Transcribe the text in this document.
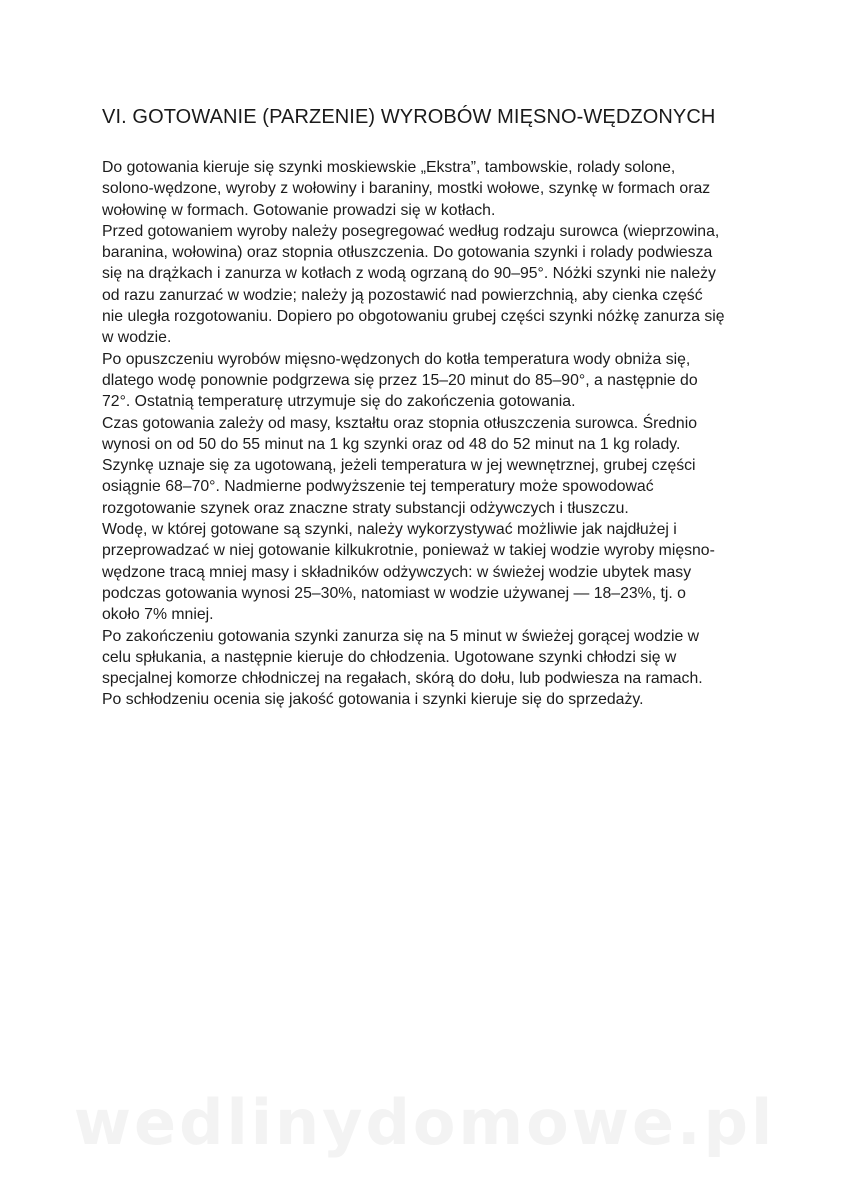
VI. GOTOWANIE (PARZENIE) WYROBÓW MIĘSNO-WĘDZONYCH
Do gotowania kieruje się szynki moskiewskie „Ekstra”, tambowskie, rolady solone,
solono-wędzone, wyroby z wołowiny i baraniny, mostki wołowe, szynkę w formach oraz
wołowinę w formach. Gotowanie prowadzi się w kotłach.
Przed gotowaniem wyroby należy posegregować według rodzaju surowca (wieprzowina,
baranina, wołowina) oraz stopnia otłuszczenia. Do gotowania szynki i rolady podwiesza
się na drążkach i zanurza w kotłach z wodą ogrzaną do 90–95°. Nóżki szynki nie należy
od razu zanurzać w wodzie; należy ją pozostawić nad powierzchnią, aby cienka część
nie uległa rozgotowaniu. Dopiero po obgotowaniu grubej części szynki nóżkę zanurza się
w wodzie.
Po opuszczeniu wyrobów mięsno-wędzonych do kotła temperatura wody obniża się,
dlatego wodę ponownie podgrzewa się przez 15–20 minut do 85–90°, a następnie do
72°. Ostatnią temperaturę utrzymuje się do zakończenia gotowania.
Czas gotowania zależy od masy, kształtu oraz stopnia otłuszczenia surowca. Średnio
wynosi on od 50 do 55 minut na 1 kg szynki oraz od 48 do 52 minut na 1 kg rolady.
Szynkę uznaje się za ugotowaną, jeżeli temperatura w jej wewnętrznej, grubej części
osiągnie 68–70°. Nadmierne podwyższenie tej temperatury może spowodować
rozgotowanie szynek oraz znaczne straty substancji odżywczych i tłuszczu.
Wodę, w której gotowane są szynki, należy wykorzystywać możliwie jak najdłużej i
przeprowadzać w niej gotowanie kilkukrotnie, ponieważ w takiej wodzie wyroby mięsno-
wędzone tracą mniej masy i składników odżywczych: w świeżej wodzie ubytek masy
podczas gotowania wynosi 25–30%, natomiast w wodzie używanej — 18–23%, tj. o
około 7% mniej.
Po zakończeniu gotowania szynki zanurza się na 5 minut w świeżej gorącej wodzie w
celu spłukania, a następnie kieruje do chłodzenia. Ugotowane szynki chłodzi się w
specjalnej komorze chłodniczej na regałach, skórą do dołu, lub podwiesza na ramach.
Po schłodzeniu ocenia się jakość gotowania i szynki kieruje się do sprzedaży.
wedlinydomowe.pl
